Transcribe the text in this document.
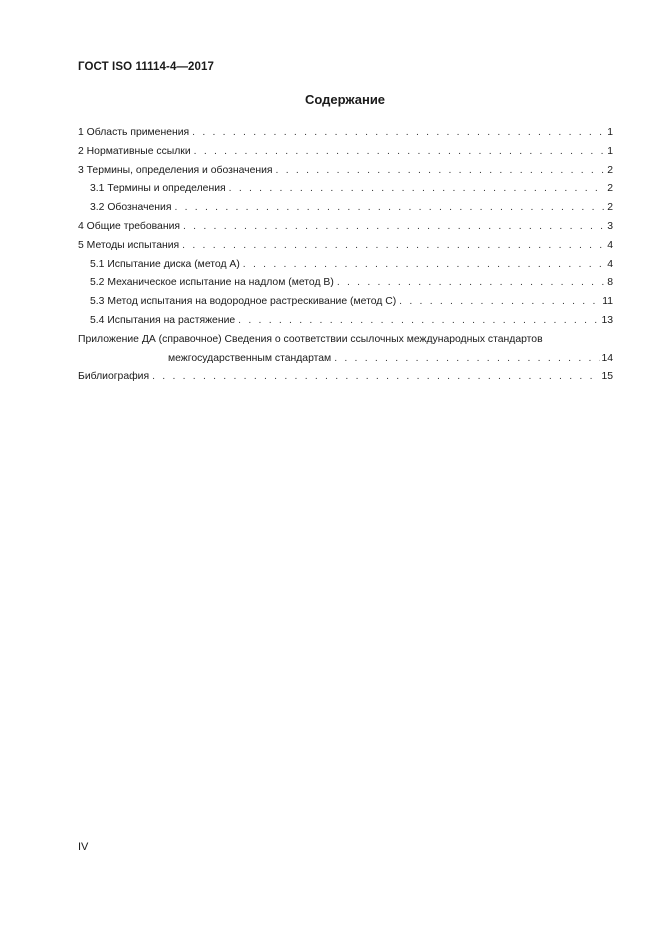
ГОСТ ISO 11114-4—2017
Содержание
1 Область применения . . .	1
2 Нормативные ссылки . . .	1
3 Термины, определения и обозначения . . .	2
3.1 Термины и определения . . .	2
3.2 Обозначения . . .	2
4 Общие требования . . .	3
5 Методы испытания . . .	4
5.1 Испытание диска (метод А) . . .	4
5.2 Механическое испытание на надлом (метод В) . . .	8
5.3 Метод испытания на водородное растрескивание (метод С) . . .	11
5.4 Испытания на растяжение . . .	13
Приложение ДА (справочное) Сведения о соответствии ссылочных международных стандартов
межгосударственным стандартам . . .	14
Библиография . . .	15
IV
